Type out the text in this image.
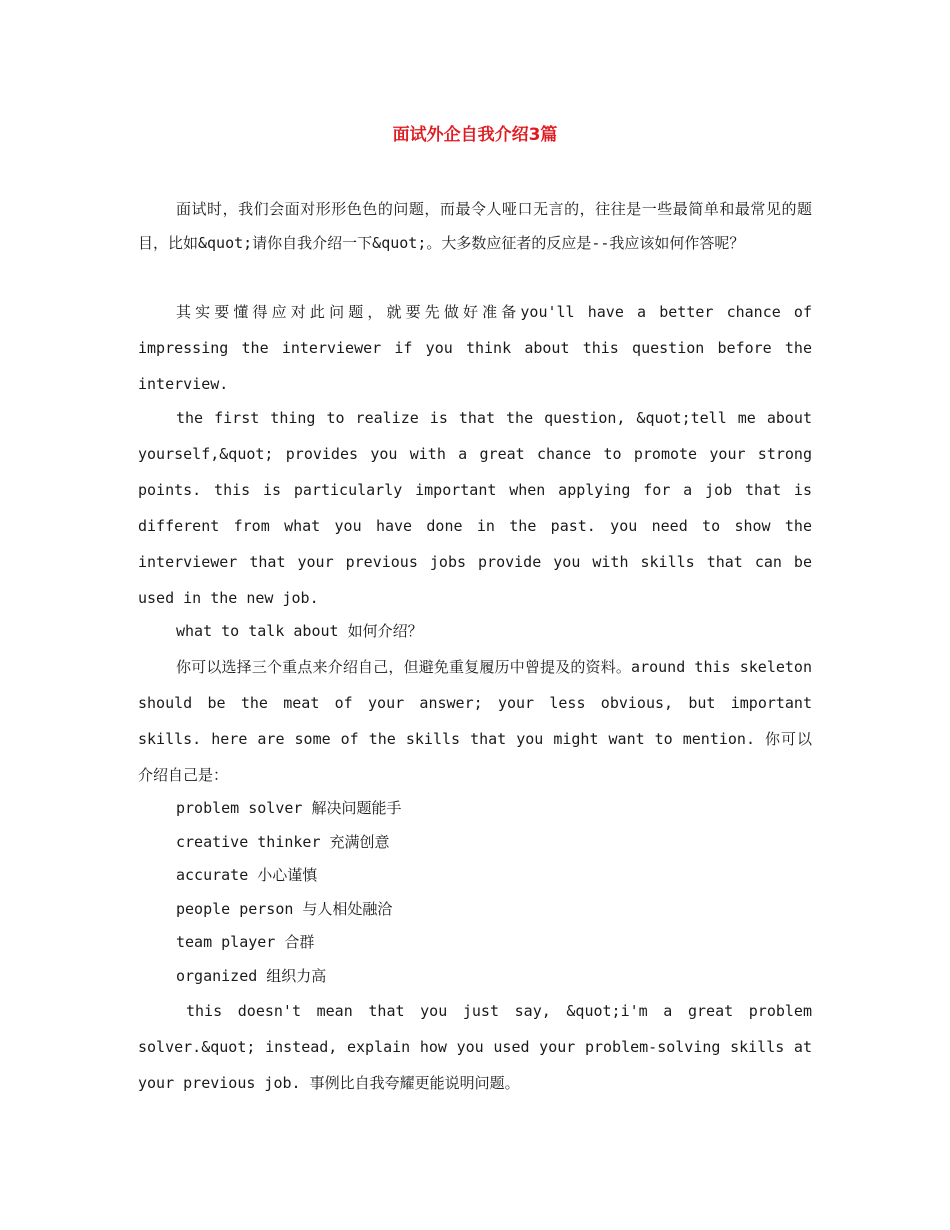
面试外企自我介绍3篇

面试时，我们会面对形形色色的问题，而最令人哑口无言的，往往是一些最简单和最常见的题目，比如&quot;请你自我介绍一下&quot;。大多数应征者的反应是--我应该如何作答呢？

其实要懂得应对此问题，就要先做好准备you'll have a better chance of impressing the interviewer if you think about this question before the interview.

the first thing to realize is that the question, &quot;tell me about yourself,&quot; provides you with a great chance to promote your strong points. this is particularly important when applying for a job that is different from what you have done in the past. you need to show the interviewer that your previous jobs provide you with skills that can be used in the new job.

what to talk about 如何介绍？

你可以选择三个重点来介绍自己，但避免重复履历中曾提及的资料。around this skeleton should be the meat of your answer; your less obvious, but important skills. here are some of the skills that you might want to mention. 你可以介绍自己是：

problem solver 解决问题能手

creative thinker 充满创意

accurate 小心谨慎

people person 与人相处融洽

team player 合群

organized 组织力高

this doesn't mean that you just say, &quot;i'm a great problem solver.&quot; instead, explain how you used your problem-solving skills at your previous job. 事例比自我夸耀更能说明问题。
